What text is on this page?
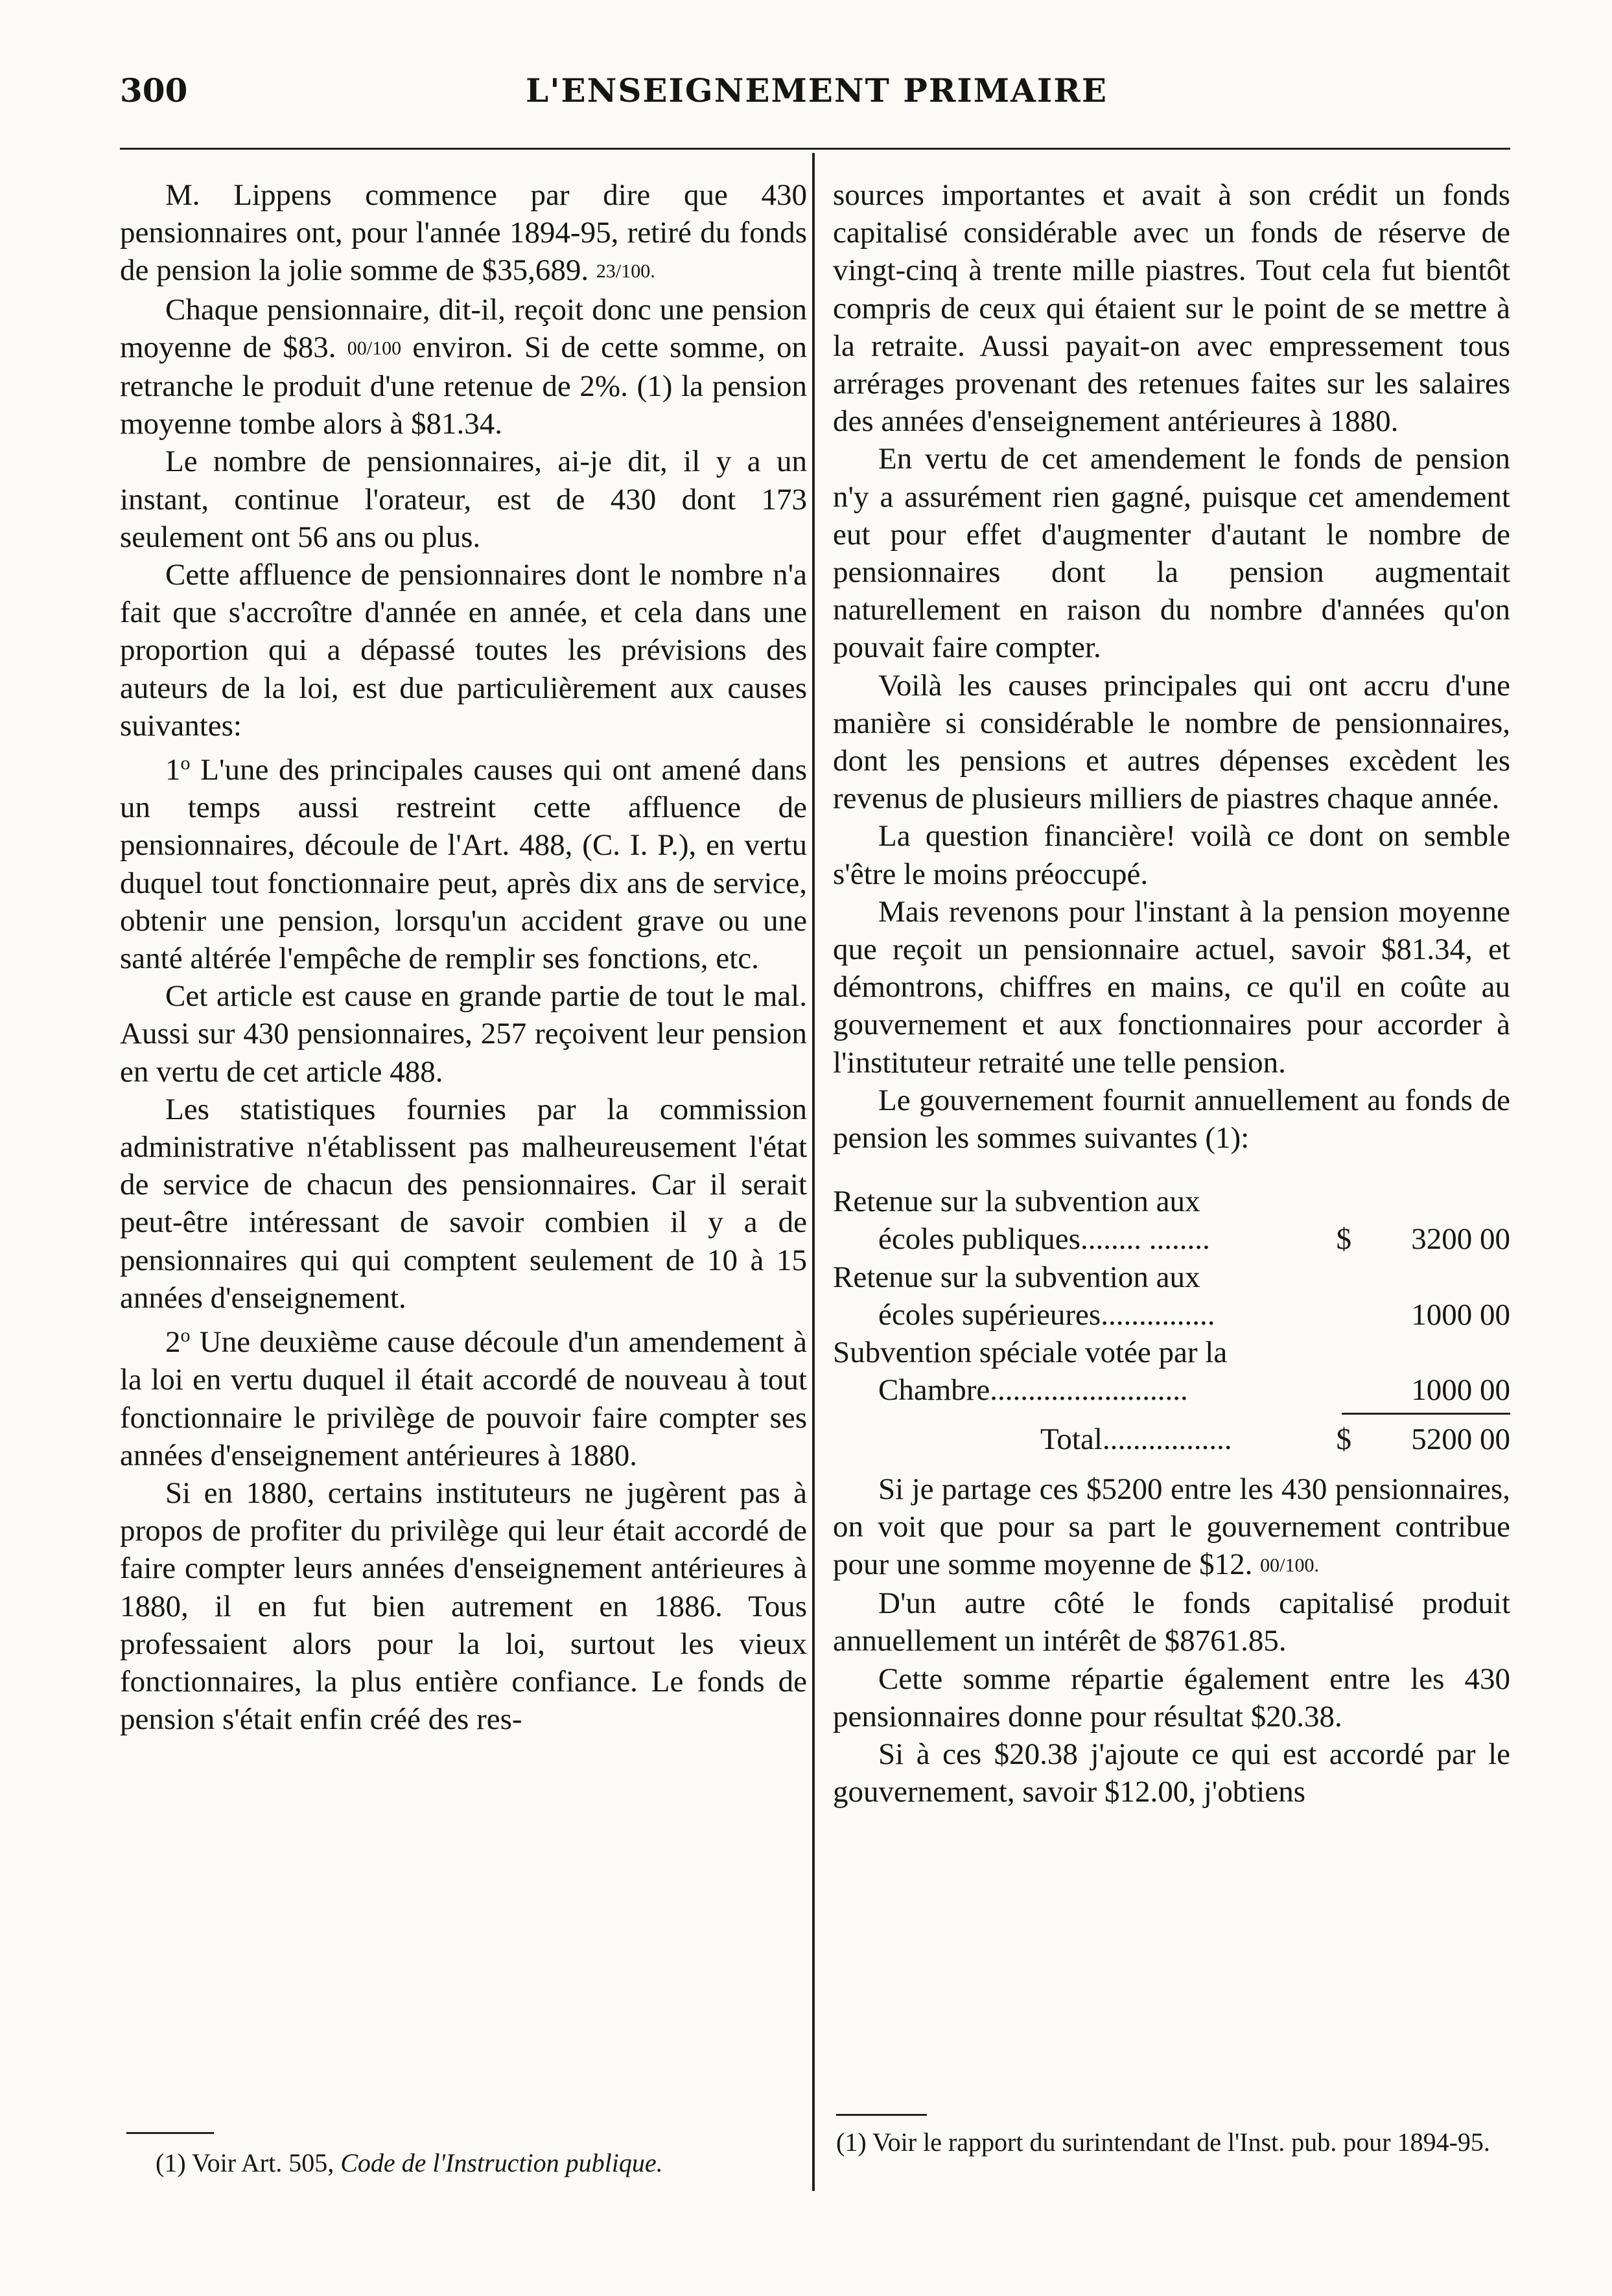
300	L'ENSEIGNEMENT PRIMAIRE

M. Lippens commence par dire que 430 pensionnaires ont, pour l'année 1894-95, retiré du fonds de pension la jolie somme de $35,689. 23/100.

Chaque pensionnaire, dit-il, reçoit donc une pension moyenne de $83. 00/100 environ. Si de cette somme, on retranche le produit d'une retenue de 2%. (1) la pension moyenne tombe alors à $81.34.

Le nombre de pensionnaires, ai-je dit, il y a un instant, continue l'orateur, est de 430 dont 173 seulement ont 56 ans ou plus.

Cette affluence de pensionnaires dont le nombre n'a fait que s'accroître d'année en année, et cela dans une proportion qui a dépassé toutes les prévisions des auteurs de la loi, est due particulièrement aux causes suivantes:

1$^o$ L'une des principales causes qui ont amené dans un temps aussi restreint cette affluence de pensionnaires, découle de l'Art. 488, (C. I. P.), en vertu duquel tout fonctionnaire peut, après dix ans de service, obtenir une pension, lorsqu'un accident grave ou une santé altérée l'empêche de remplir ses fonctions, etc.

Cet article est cause en grande partie de tout le mal. Aussi sur 430 pensionnaires, 257 reçoivent leur pension en vertu de cet article 488.

Les statistiques fournies par la commission administrative n'établissent pas malheureusement l'état de service de chacun des pensionnaires. Car il serait peut-être intéressant de savoir combien il y a de pensionnaires qui qui comptent seulement de 10 à 15 années d'enseignement.

2$^o$ Une deuxième cause découle d'un amendement à la loi en vertu duquel il était accordé de nouveau à tout fonctionnaire le privilège de pouvoir faire compter ses années d'enseignement antérieures à 1880.

Si en 1880, certains instituteurs ne jugèrent pas à propos de profiter du privilège qui leur était accordé de faire compter leurs années d'enseignement antérieures à 1880, il en fut bien autrement en 1886. Tous professaient alors pour la loi, surtout les vieux fonctionnaires, la plus entière confiance. Le fonds de pension s'était enfin créé des res-

sources importantes et avait à son crédit un fonds capitalisé considérable avec un fonds de réserve de vingt-cinq à trente mille piastres. Tout cela fut bientôt compris de ceux qui étaient sur le point de se mettre à la retraite. Aussi payait-on avec empressement tous arrérages provenant des retenues faites sur les salaires des années d'enseignement antérieures à 1880.

En vertu de cet amendement le fonds de pension n'y a assurément rien gagné, puisque cet amendement eut pour effet d'augmenter d'autant le nombre de pensionnaires dont la pension augmentait naturellement en raison du nombre d'années qu'on pouvait faire compter.

Voilà les causes principales qui ont accru d'une manière si considérable le nombre de pensionnaires, dont les pensions et autres dépenses excèdent les revenus de plusieurs milliers de piastres chaque année.

La question financière! voilà ce dont on semble s'être le moins préoccupé.

Mais revenons pour l'instant à la pension moyenne que reçoit un pensionnaire actuel, savoir $81.34, et démontrons, chiffres en mains, ce qu'il en coûte au gouvernement et aux fonctionnaires pour accorder à l'instituteur retraité une telle pension.

Le gouvernement fournit annuellement au fonds de pension les sommes suivantes (1):

Retenue sur la subvention aux
écoles publiques........ ........	$ 3200 00
Retenue sur la subvention aux
écoles supérieures...............	1000 00
Subvention spéciale votée par la
Chambre..........................	1000 00
Total.................	$ 5200 00

Si je partage ces $5200 entre les 430 pensionnaires, on voit que pour sa part le gouvernement contribue pour une somme moyenne de $12. 00/100.

D'un autre côté le fonds capitalisé produit annuellement un intérêt de $8761.85.

Cette somme répartie également entre les 430 pensionnaires donne pour résultat $20.38.

Si à ces $20.38 j'ajoute ce qui est accordé par le gouvernement, savoir $12.00, j'obtiens

(1) Voir Art. 505, Code de l'Instruction publique.
(1) Voir le rapport du surintendant de l'Inst. pub. pour 1894-95.
